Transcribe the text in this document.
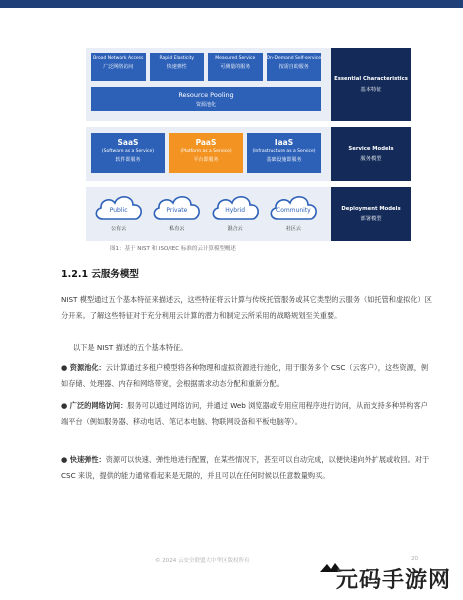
Broad Network Access
广泛网络访问
Rapid Elasticity
快速弹性
Measured Service
可测量的服务
On-Demand Self-service
按需自助服务
Resource Pooling
资源池化
Essential Characteristics
基本特征
SaaS
(Software as a Service)
软件即服务
PaaS
(Platform as a Service)
平台即服务
IaaS
(Infrastructure as a Service)
基础设施即服务
Service Models
服务模型
Public
公有云
Private
私有云
Hybrid
混合云
Community
社区云
Deployment Models
部署模型
图1：基于 NIST 和 ISO/IEC 标准的云计算模型概述
1.2.1 云服务模型
NIST 模型通过五个基本特征来描述云，这些特征将云计算与传统托管服务或其它类型的云服务（如托管和虚拟化）区分开来。了解这些特征对于充分利用云计算的潜力和制定云所采用的战略规划至关重要。
以下是 NIST 描述的五个基本特征。
● 资源池化：云计算通过多租户模型将各种物理和虚拟资源进行池化，用于服务多个 CSC（云客户），这些资源，例如存储、处理器、内存和网络带宽，会根据需求动态分配和重新分配。
● 广泛的网络访问：服务可以通过网络访问，并通过 Web 浏览器或专用应用程序进行访问，从而支持多种异构客户端平台（例如服务器、移动电话、笔记本电脑、物联网设备和平板电脑等）。
● 快速弹性：资源可以快速、弹性地进行配置，在某些情况下，甚至可以自动完成，以便快速向外扩展或收回。对于 CSC 来说，提供的能力通常看起来是无限的，并且可以在任何时候以任意数量购买。
© 2024 云安全联盟大中华区版权所有	20
元码手游网
